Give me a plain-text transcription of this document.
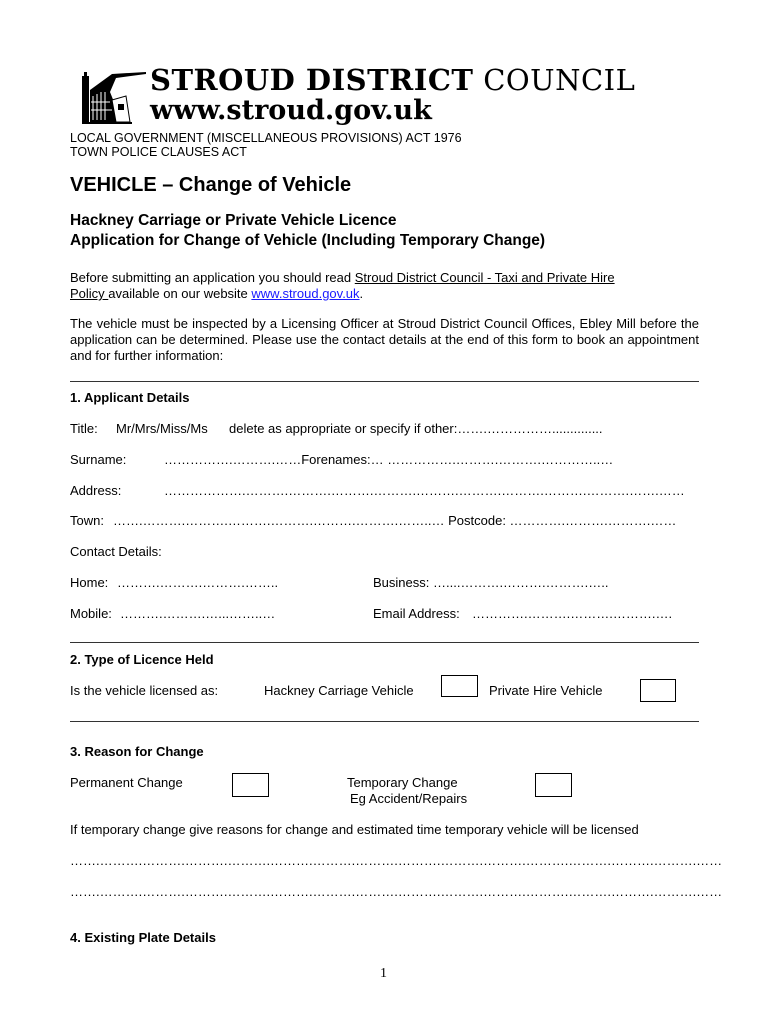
STROUD DISTRICT COUNCIL
www.stroud.gov.uk
LOCAL GOVERNMENT (MISCELLANEOUS PROVISIONS) ACT 1976
TOWN POLICE CLAUSES ACT
VEHICLE – Change of Vehicle
Hackney Carriage or Private Vehicle Licence
Application for Change of Vehicle (Including Temporary Change)
Before submitting an application you should read Stroud District Council - Taxi and Private Hire
Policy available on our website www.stroud.gov.uk.
The vehicle must be inspected by a Licensing Officer at Stroud District Council Offices, Ebley Mill before the application can be determined. Please use the contact details at the end of this form to book an appointment and for further information:
1. Applicant Details
Title: Mr/Mrs/Miss/Ms delete as appropriate or specify if other:…….……………..............
Surname:	…………….……….……Forenames:… …………….……….……….…………..…
Address:	……………….……….……….……….……….……….……….……….……….……….…….……
Town: …….……….……….……….……….……….……….……..… Postcode: ………….……….……….……
Contact Details:
Home: ……….……….……….……..	Business: …....……….……….……….…..
Mobile: ……….……….…...……..…	Email Address: ………….……….……….……….….
2. Type of Licence Held
Is the vehicle licensed as:	Hackney Carriage Vehicle	Private Hire Vehicle
3. Reason for Change
Permanent Change	Temporary Change
Eg Accident/Repairs
If temporary change give reasons for change and estimated time temporary vehicle will be licensed
…….……….……….……….……….……….……….……….……….……….……….……….……….……….……….……
…….……….……….……….……….……….……….……….……….……….……….……….……….……….……….……
4. Existing Plate Details
1
